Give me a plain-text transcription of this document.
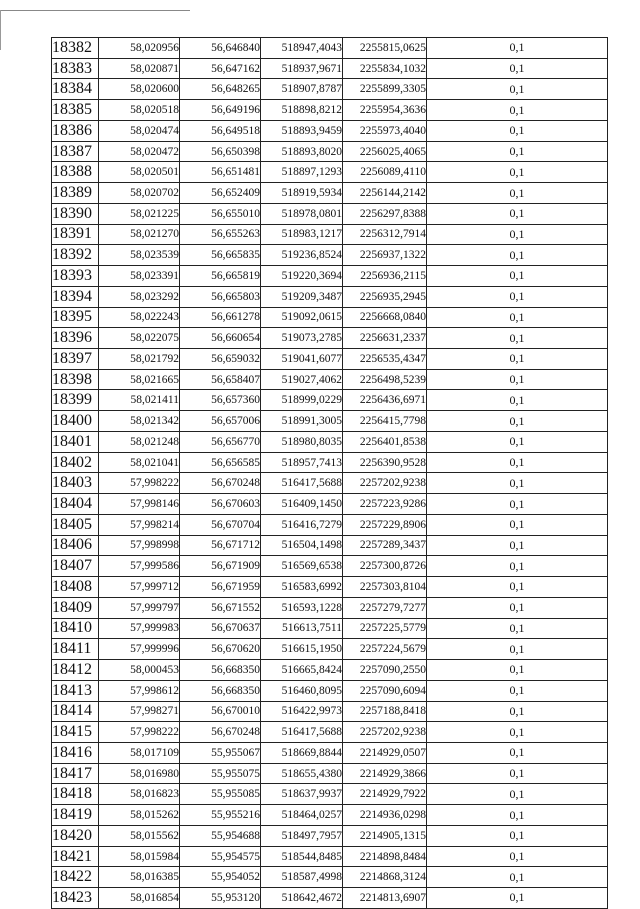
18382	58,020956	56,646840	518947,4043	2255815,0625	0,1
18383	58,020871	56,647162	518937,9671	2255834,1032	0,1
18384	58,020600	56,648265	518907,8787	2255899,3305	0,1
18385	58,020518	56,649196	518898,8212	2255954,3636	0,1
18386	58,020474	56,649518	518893,9459	2255973,4040	0,1
18387	58,020472	56,650398	518893,8020	2256025,4065	0,1
18388	58,020501	56,651481	518897,1293	2256089,4110	0,1
18389	58,020702	56,652409	518919,5934	2256144,2142	0,1
18390	58,021225	56,655010	518978,0801	2256297,8388	0,1
18391	58,021270	56,655263	518983,1217	2256312,7914	0,1
18392	58,023539	56,665835	519236,8524	2256937,1322	0,1
18393	58,023391	56,665819	519220,3694	2256936,2115	0,1
18394	58,023292	56,665803	519209,3487	2256935,2945	0,1
18395	58,022243	56,661278	519092,0615	2256668,0840	0,1
18396	58,022075	56,660654	519073,2785	2256631,2337	0,1
18397	58,021792	56,659032	519041,6077	2256535,4347	0,1
18398	58,021665	56,658407	519027,4062	2256498,5239	0,1
18399	58,021411	56,657360	518999,0229	2256436,6971	0,1
18400	58,021342	56,657006	518991,3005	2256415,7798	0,1
18401	58,021248	56,656770	518980,8035	2256401,8538	0,1
18402	58,021041	56,656585	518957,7413	2256390,9528	0,1
18403	57,998222	56,670248	516417,5688	2257202,9238	0,1
18404	57,998146	56,670603	516409,1450	2257223,9286	0,1
18405	57,998214	56,670704	516416,7279	2257229,8906	0,1
18406	57,998998	56,671712	516504,1498	2257289,3437	0,1
18407	57,999586	56,671909	516569,6538	2257300,8726	0,1
18408	57,999712	56,671959	516583,6992	2257303,8104	0,1
18409	57,999797	56,671552	516593,1228	2257279,7277	0,1
18410	57,999983	56,670637	516613,7511	2257225,5779	0,1
18411	57,999996	56,670620	516615,1950	2257224,5679	0,1
18412	58,000453	56,668350	516665,8424	2257090,2550	0,1
18413	57,998612	56,668350	516460,8095	2257090,6094	0,1
18414	57,998271	56,670010	516422,9973	2257188,8418	0,1
18415	57,998222	56,670248	516417,5688	2257202,9238	0,1
18416	58,017109	55,955067	518669,8844	2214929,0507	0,1
18417	58,016980	55,955075	518655,4380	2214929,3866	0,1
18418	58,016823	55,955085	518637,9937	2214929,7922	0,1
18419	58,015262	55,955216	518464,0257	2214936,0298	0,1
18420	58,015562	55,954688	518497,7957	2214905,1315	0,1
18421	58,015984	55,954575	518544,8485	2214898,8484	0,1
18422	58,016385	55,954052	518587,4998	2214868,3124	0,1
18423	58,016854	55,953120	518642,4672	2214813,6907	0,1
